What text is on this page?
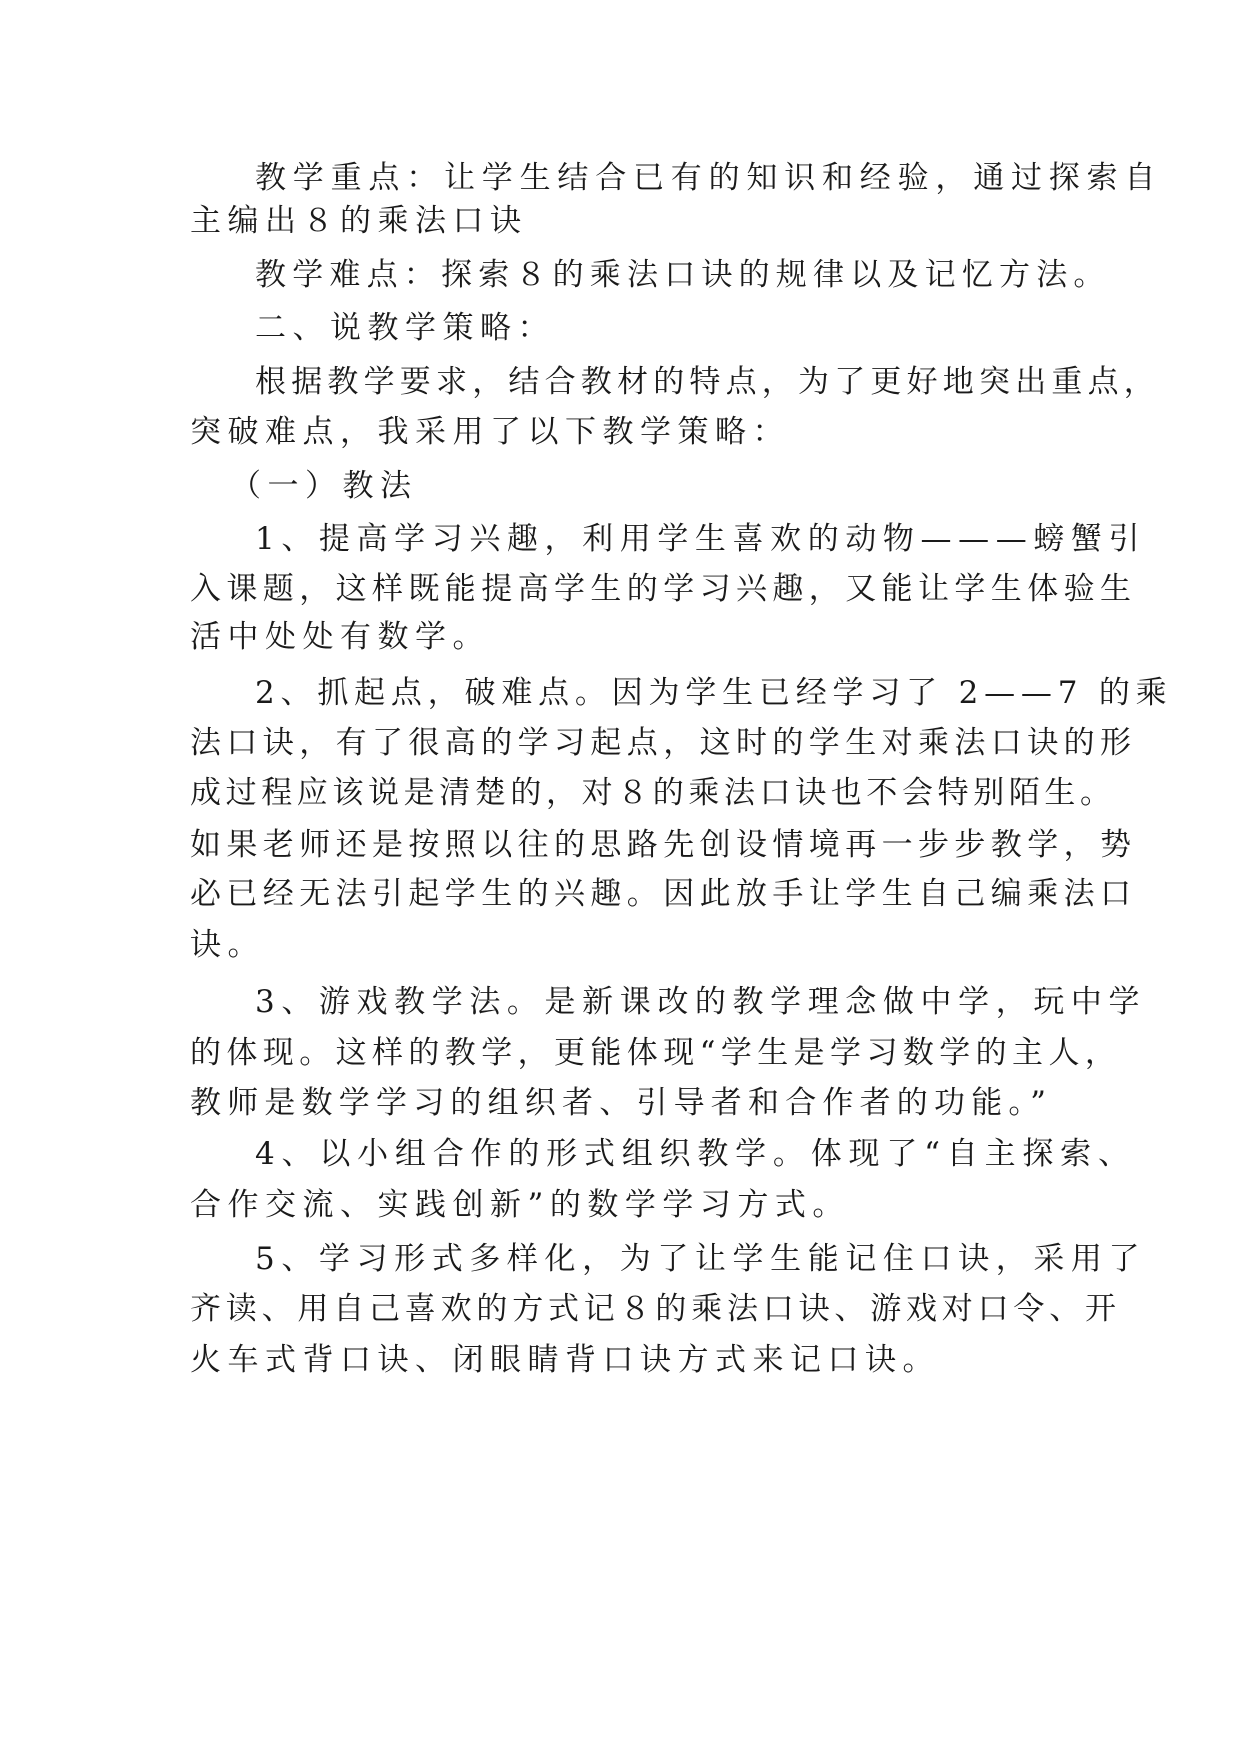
教学重点：让学生结合已有的知识和经验，通过探索自
主编出８的乘法口诀
教学难点：探索８的乘法口诀的规律以及记忆方法。
二、说教学策略：
根据教学要求，结合教材的特点，为了更好地突出重点，
突破难点，我采用了以下教学策略：
（一）教法
1、提高学习兴趣，利用学生喜欢的动物———螃蟹引
入课题，这样既能提高学生的学习兴趣，又能让学生体验生
活中处处有数学。
2、抓起点，破难点。因为学生已经学习了 2——7 的乘
法口诀，有了很高的学习起点，这时的学生对乘法口诀的形
成过程应该说是清楚的，对８的乘法口诀也不会特别陌生。
如果老师还是按照以往的思路先创设情境再一步步教学，势
必已经无法引起学生的兴趣。因此放手让学生自己编乘法口
诀。
3、游戏教学法。是新课改的教学理念做中学，玩中学
的体现。这样的教学，更能体现“学生是学习数学的主人，
教师是数学学习的组织者、引导者和合作者的功能。”
4、以小组合作的形式组织教学。体现了“自主探索、
合作交流、实践创新”的数学学习方式。
5、学习形式多样化，为了让学生能记住口诀，采用了
齐读、用自己喜欢的方式记８的乘法口诀、游戏对口令、开
火车式背口诀、闭眼睛背口诀方式来记口诀。
